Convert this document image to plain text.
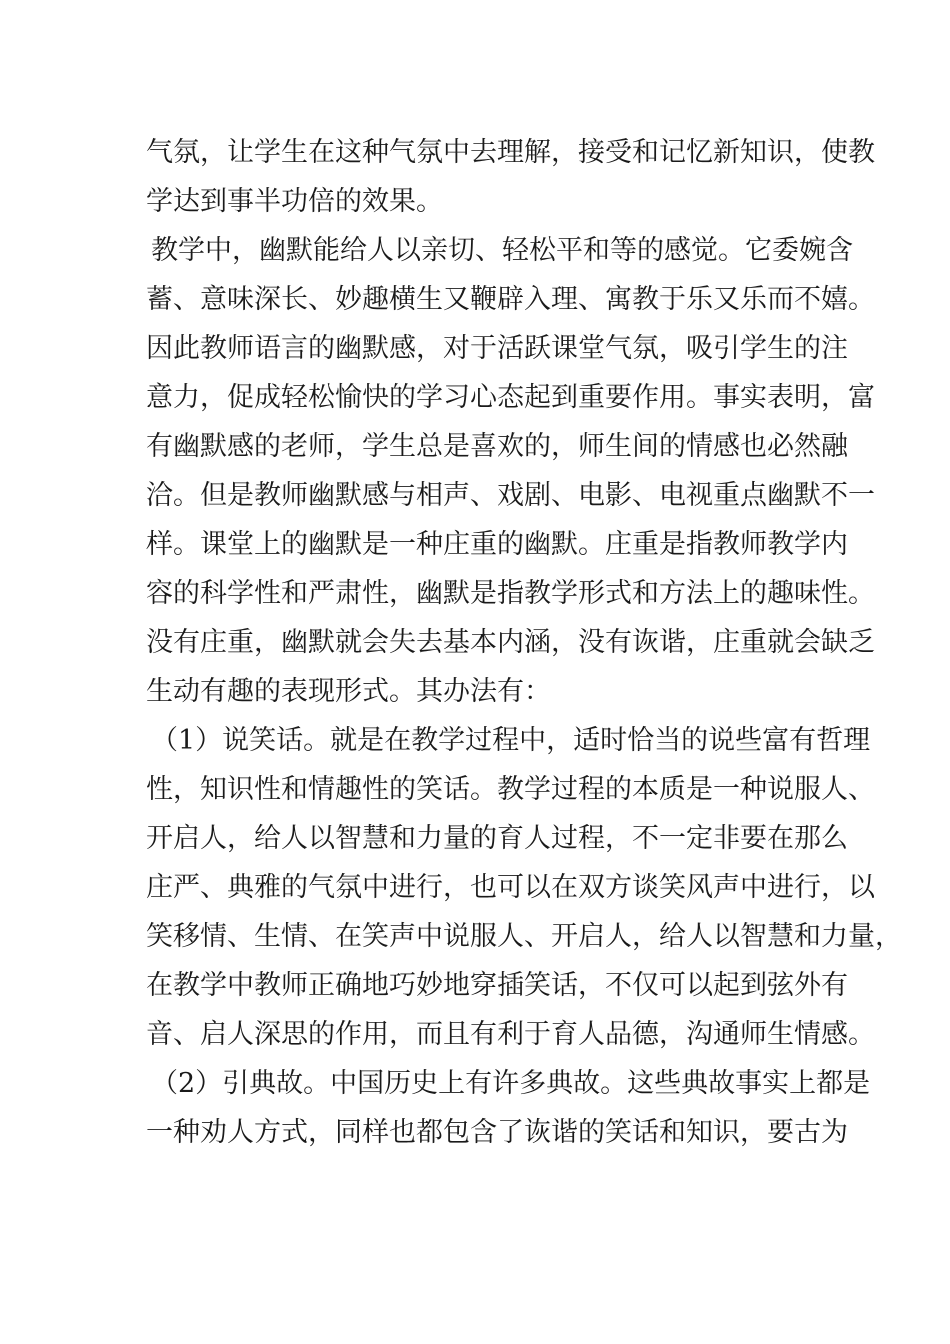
气氛，让学生在这种气氛中去理解，接受和记忆新知识，使教
学达到事半功倍的效果。
教学中，幽默能给人以亲切、轻松平和等的感觉。它委婉含
蓄、意味深长、妙趣横生又鞭辟入理、寓教于乐又乐而不嬉。
因此教师语言的幽默感，对于活跃课堂气氛，吸引学生的注
意力，促成轻松愉快的学习心态起到重要作用。事实表明，富
有幽默感的老师，学生总是喜欢的，师生间的情感也必然融
洽。但是教师幽默感与相声、戏剧、电影、电视重点幽默不一
样。课堂上的幽默是一种庄重的幽默。庄重是指教师教学内
容的科学性和严肃性，幽默是指教学形式和方法上的趣味性。
没有庄重，幽默就会失去基本内涵，没有诙谐，庄重就会缺乏
生动有趣的表现形式。其办法有：
（1）说笑话。就是在教学过程中，适时恰当的说些富有哲理
性，知识性和情趣性的笑话。教学过程的本质是一种说服人、
开启人，给人以智慧和力量的育人过程，不一定非要在那么
庄严、典雅的气氛中进行，也可以在双方谈笑风声中进行，以
笑移情、生情、在笑声中说服人、开启人，给人以智慧和力量，
在教学中教师正确地巧妙地穿插笑话，不仅可以起到弦外有
音、启人深思的作用，而且有利于育人品德，沟通师生情感。
（2）引典故。中国历史上有许多典故。这些典故事实上都是
一种劝人方式，同样也都包含了诙谐的笑话和知识，要古为
